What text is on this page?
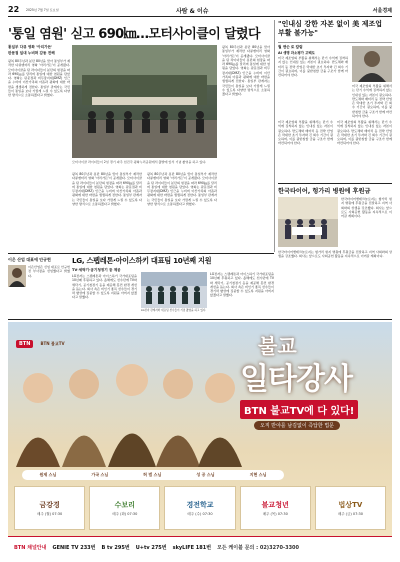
22 2025년 7월 7일 토요일	사람 & 이슈	서울경제
'통일 염원' 싣고 690㎞…모터사이클이 달렸다
통일부 다큐 영화 '아리가든'
판문점 일대 누비며 감동 전해
광복 80주년과 분단 80년을 맞아 통일부가 제작한 다큐멘터리 영화 '아리가든'이 공개됐다. 모터사이클을 탄 라이더들이 분단의 현장을 따라 690㎞를 달리며 통일에 대한 염원을 담았다. 영화는 판문점과 비무장지대(DMZ) 인근을 누비며 이산가족의 아픔과 평화에 대한 바람을 생생하게 전한다. 통일부 관계자는 국민들이 통일을 보다 가깝게 느낄 수 있도록 다양한 방식으로 소통하겠다고 밝혔다.
모터사이클 라이더들이 2일 경기 파주 임진각 평화누리공원에서 출발에 앞서 기념 촬영을 하고 있다.
광복 80주년과 분단 80년을 맞아 통일부가 제작한 다큐멘터리 영화 '아리가든'이 공개됐다. 모터사이클을 탄 라이더들이 분단의 현장을 따라 690㎞를 달리며 통일에 대한 염원을 담았다. 영화는 판문점과 비무장지대(DMZ) 인근을 누비며 이산가족의 아픔과 평화에 대한 바람을 생생하게 전한다. 통일부 관계자는 국민들이 통일을 보다 가깝게 느낄 수 있도록 다양한 방식으로 소통하겠다고 밝혔다.
광복 80주년과 분단 80년을 맞아 통일부가 제작한 다큐멘터리 영화 '아리가든'이 공개됐다. 모터사이클을 탄 라이더들이 분단의 현장을 따라 690㎞를 달리며 통일에 대한 염원을 담았다. 영화는 판문점과 비무장지대(DMZ) 인근을 누비며 이산가족의 아픔과 평화에 대한 바람을 생생하게 전한다. 통일부 관계자는 국민들이 통일을 보다 가깝게 느낄 수 있도록 다양한 방식으로 소통하겠다고 밝혔다.
광복 80주년과 분단 80년을 맞아 통일부가 제작한 다큐멘터리 영화 '아리가든'이 공개됐다. 모터사이클을 탄 라이더들이 분단의 현장을 따라 690㎞를 달리며 통일에 대한 염원을 담았다. 영화는 판문점과 비무장지대(DMZ) 인근을 누비며 이산가족의 아픔과 평화에 대한 바람을 생생하게 전한다. 통일부 관계자는 국민들이 통일을 보다 가깝게 느낄 수 있도록 다양한 방식으로 소통하겠다고 밝혔다.
"인내심 강한 자본 없이 美 제조업 부활 불가능"
월 앤슨 로 칼럼
AI 생명 과소평가 고백도
미국 제조업의 부활을 위해서는 단기 수익에 집착하지 않는 인내심 있는 자본이 필요하다. 반도체와 배터리 등 전략 산업은 막대한 초기 투자와 긴 회수 기간이 필요하며, 이를 뒷받침할 금융 구조가 함께 마련되어야 한다.
미국 제조업의 부활을 위해서는 단기 수익에 집착하지 않는 인내심 있는 자본이 필요하다. 반도체와 배터리 등 전략 산업은 막대한 초기 투자와 긴 회수 기간이 필요하며, 이를 뒷받침할 금융 구조가 함께 마련되어야 한다.
미국 제조업의 부활을 위해서는 단기 수익에 집착하지 않는 인내심 있는 자본이 필요하다. 반도체와 배터리 등 전략 산업은 막대한 초기 투자와 긴 회수 기간이 필요하며, 이를 뒷받침할 금융 구조가 함께 마련되어야 한다.
미국 제조업의 부활을 위해서는 단기 수익에 집착하지 않는 인내심 있는 자본이 필요하다. 반도체와 배터리 등 전략 산업은 막대한 초기 투자와 긴 회수 기간이 필요하며, 이를 뒷받침할 금융 구조가 함께 마련되어야 한다.
한국타이어, 헝가리 병원에 후원금
한국타이어앤테크놀로지는 헝가리 현지 병원에 후원금을 전달하고 지역 사회와의 상생을 강조했다. 회사는 앞으로도 사회공헌 활동을 지속적으로 이어갈 계획이다.
한국타이어앤테크놀로지는 헝가리 현지 병원에 후원금을 전달하고 지역 사회와의 상생을 강조했다. 회사는 앞으로도 사회공헌 활동을 지속적으로 이어갈 계획이다.
이은 산업 대표에 안규헌
이은산업은 신임 대표로 안규헌 전 부사장을 선임했다고 밝혔다.
LG, 스펩레톤·아이스하키 대표팀 10년째 지원
TV·세탁기·공기청정기 등 제공
LG전자는 스펩레톤과 아이스하키 국가대표팀을 10년째 후원하고 있다. 올해에도 선수단에 TV와 세탁기, 공기청정기 등을 제공해 훈련 환경 개선을 돕는다. 회사 측은 비인기 종목 선수들이 경기력 향상에 집중할 수 있도록 지원을 아끼지 않겠다고 말했다.
LG전자 관계자와 대표팀 선수들이 기념 촬영을 하고 있다.
LG전자는 스펩레톤과 아이스하키 국가대표팀을 10년째 후원하고 있다. 올해에도 선수단에 TV와 세탁기, 공기청정기 등을 제공해 훈련 환경 개선을 돕는다. 회사 측은 비인기 종목 선수들이 경기력 향상에 집중할 수 있도록 지원을 아끼지 않겠다고 말했다.
BTN	BTN 불교TV	불교
일타강사
BTN 불교TV에 다 있다!
오직 반야를 남김없이 즉답한 법문
원제 스님	가국 스님	허 범 스님	성 공 스님	지현 스님
금강경
매주 (월) 07:30
수보리
매주 (화) 07:30
경전학교
매주 (수) 07:30
불교청년
매주 (목) 07:30
법상TV
매주 (금) 07:30
BTN 채널안내 GENIE TV 233번 B tv 295번 U+tv 275번 skyLIFE 181번 모든 케이블 문의 : 02)3270-3300
